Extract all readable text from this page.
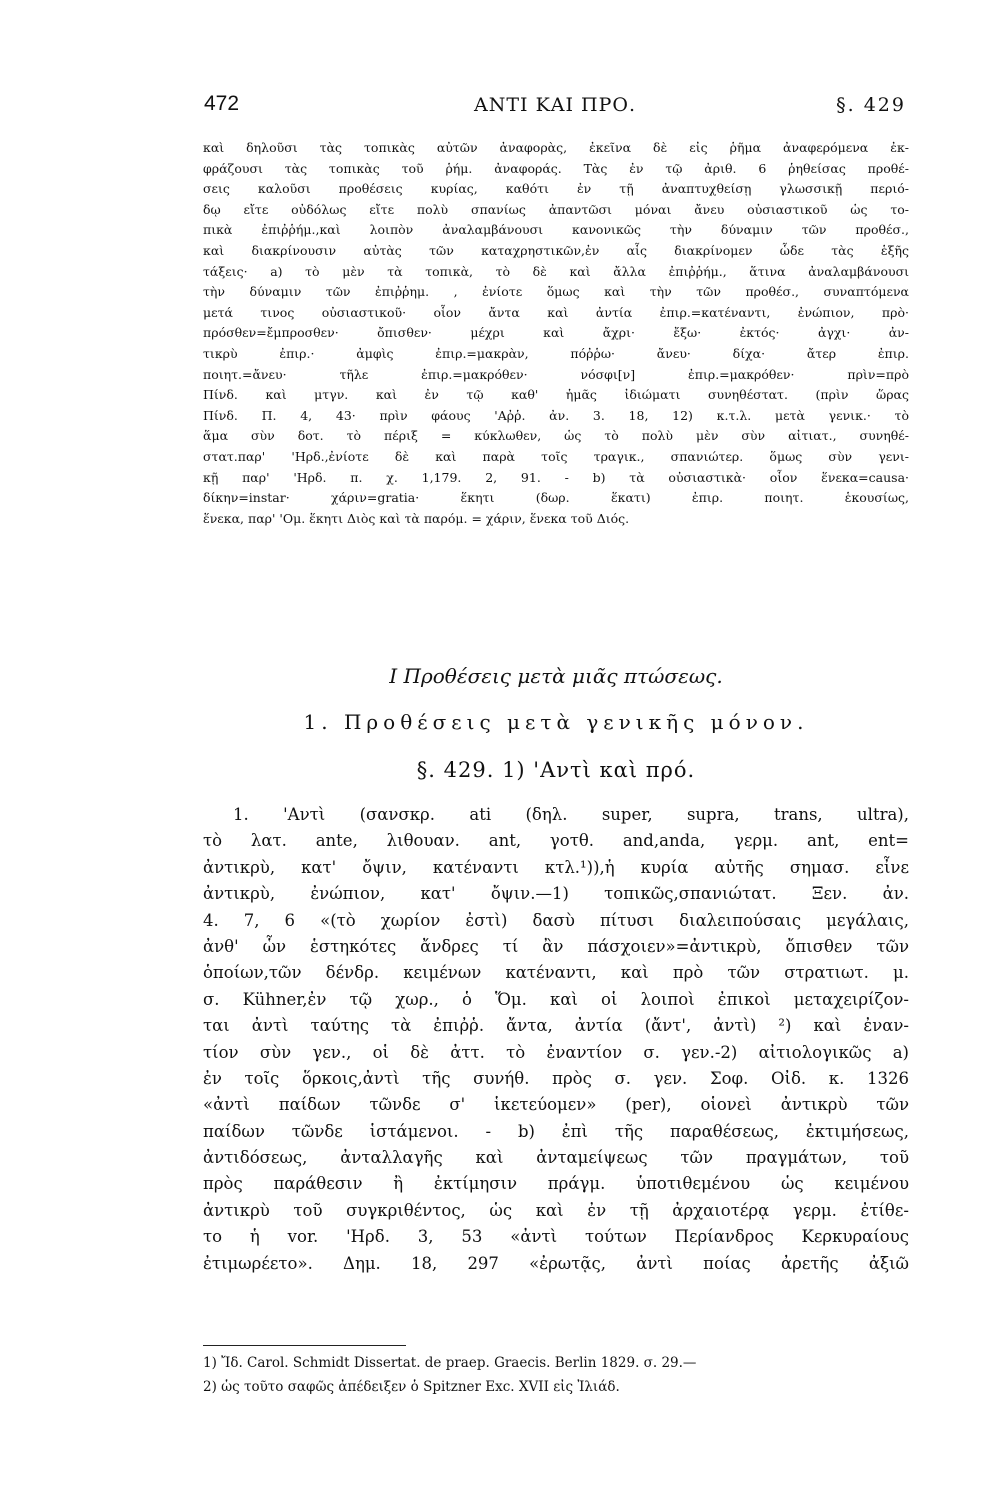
472	ΑΝΤΙ ΚΑΙ ΠΡΟ.	§. 429
καὶ δηλοῦσι τὰς τοπικὰς αὐτῶν ἀναφορὰς, ἐκεῖνα δὲ εἰς ῥῆμα ἀναφερόμενα ἐκ-
φράζουσι τὰς τοπικὰς τοῦ ῥήμ. ἀναφοράς. Τὰς ἐν τῷ ἀριθ. 6 ῥηθείσας προθέ-
σεις καλοῦσι προθέσεις κυρίας, καθότι ἐν τῇ ἀναπτυχθείσῃ γλωσσικῇ περιό-
δῳ εἴτε οὐδόλως εἴτε πολὺ σπανίως ἀπαντῶσι μόναι ἄνευ οὐσιαστικοῦ ὡς το-
πικὰ ἐπιῤῥήμ.,καὶ λοιπὸν ἀναλαμβάνουσι κανονικῶς τὴν δύναμιν τῶν προθέσ.,
καὶ διακρίνουσιν αὐτὰς τῶν καταχρηστικῶν,ἐν αἷς διακρίνομεν ὧδε τὰς ἑξῆς
τάξεις· a) τὸ μὲν τὰ τοπικὰ, τὸ δὲ καὶ ἄλλα ἐπιῤῥήμ., ἅτινα ἀναλαμβάνουσι
τὴν δύναμιν τῶν ἐπιῤῥημ. , ἐνίοτε ὅμως καὶ τὴν τῶν προθέσ., συναπτόμενα
μετά τινος οὐσιαστικοῦ· οἷον ἄντα καὶ ἀντία ἐπιρ.=κατέναντι, ἐνώπιον, πρὸ·
πρόσθεν=ἔμπροσθεν· ὄπισθεν· μέχρι καὶ ἄχρι· ἔξω· ἐκτός· ἀγχι· ἀν-
τικρὺ ἐπιρ.· ἀμφὶς ἐπιρ.=μακρὰν, πόῤῥω· ἄνευ· δίχα· ἄτερ ἐπιρ.
ποιητ.=ἄνευ· τῆλε ἐπιρ.=μακρόθεν· νόσφι[ν] ἐπιρ.=μακρόθεν· πρὶν=πρὸ
Πίνδ. καὶ μτγν. καὶ ἐν τῷ καθ' ἡμᾶς ἰδιώματι συνηθέστατ. (πρὶν ὥρας
Πίνδ. Π. 4, 43· πρὶν φάους 'Αῤῥ. ἀν. 3. 18, 12) κ.τ.λ. μετὰ γενικ.· τὸ
ἅμα σὺν δοτ. τὸ πέριξ = κύκλωθεν, ὡς τὸ πολὺ μὲν σὺν αἰτιατ., συνηθέ-
στατ.παρ' 'Ηρδ.,ἐνίοτε δὲ καὶ παρὰ τοῖς τραγικ., σπανιώτερ. ὅμως σὺν γενι-
κῇ παρ' 'Ηρδ. π. χ. 1,179. 2, 91. - b) τὰ οὐσιαστικὰ· οἷον ἕνεκα=causa·
δίκην=instar· χάριν=gratia· ἕκητι (δωρ. ἕκατι) ἐπιρ. ποιητ. ἑκουσίως,
ἕνεκα, παρ' 'Ομ. ἕκητι Διὸς καὶ τὰ παρόμ. = χάριν, ἕνεκα τοῦ Διός.
I Προθέσεις μετὰ μιᾶς πτώσεως.
1. Προθέσεις μετὰ γενικῆς μόνον.
§. 429. 1) 'Αντὶ καὶ πρό.
1. 'Αντὶ (σανσκρ. ati (δηλ. super, supra, trans, ultra),
τὸ λατ. ante, λιθουαν. ant, γοτθ. and,anda, γερμ. ant, ent=
ἀντικρὺ, κατ' ὄψιν, κατέναντι κτλ.¹)),ἡ κυρία αὐτῆς σημασ. εἶνε
ἀντικρὺ, ἐνώπιον, κατ' ὄψιν.—1) τοπικῶς,σπανιώτατ. Ξεν. ἀν.
4. 7, 6 «(τὸ χωρίον ἐστὶ) δασὺ πίτυσι διαλειπούσαις μεγάλαις,
ἀνθ' ὧν ἑστηκότες ἄνδρες τί ἂν πάσχοιεν»=ἀντικρὺ, ὄπισθεν τῶν
ὁποίων,τῶν δένδρ. κειμένων κατέναντι, καὶ πρὸ τῶν στρατιωτ. μ.
σ. Kühner,ἐν τῷ χωρ., ὁ Ὅμ. καὶ οἱ λοιποὶ ἐπικοὶ μεταχειρίζον-
ται ἀντὶ ταύτης τὰ ἐπιῤῥ. ἄντα, ἀντία (ἄντ', ἀντὶ) ²) καὶ ἐναν-
τίον σὺν γεν., οἱ δὲ ἀττ. τὸ ἐναντίον σ. γεν.-2) αἰτιολογικῶς a)
ἐν τοῖς ὅρκοις,ἀντὶ τῆς συνήθ. πρὸς σ. γεν. Σοφ. Οἰδ. κ. 1326
«ἀντὶ παίδων τῶνδε σ' ἱκετεύομεν» (per), οἱονεὶ ἀντικρὺ τῶν
παίδων τῶνδε ἱστάμενοι. - b) ἐπὶ τῆς παραθέσεως, ἐκτιμήσεως,
ἀντιδόσεως, ἀνταλλαγῆς καὶ ἀνταμείψεως τῶν πραγμάτων, τοῦ
πρὸς παράθεσιν ἢ ἐκτίμησιν πράγμ. ὑποτιθεμένου ὡς κειμένου
ἀντικρὺ τοῦ συγκριθέντος, ὡς καὶ ἐν τῇ ἀρχαιοτέρᾳ γερμ. ἐτίθε-
το ἡ vor. 'Ηρδ. 3, 53 «ἀντὶ τούτων Περίανδρος Κερκυραίους
ἐτιμωρέετο». Δημ. 18, 297 «ἐρωτᾷς, ἀντὶ ποίας ἀρετῆς ἀξιῶ
1) Ἴδ. Carol. Schmidt Dissertat. de praep. Graecis. Berlin 1829. σ. 29.—
2) ὡς τοῦτο σαφῶς ἀπέδειξεν ὁ Spitzner Exc. XVII εἰς Ἰλιάδ.
